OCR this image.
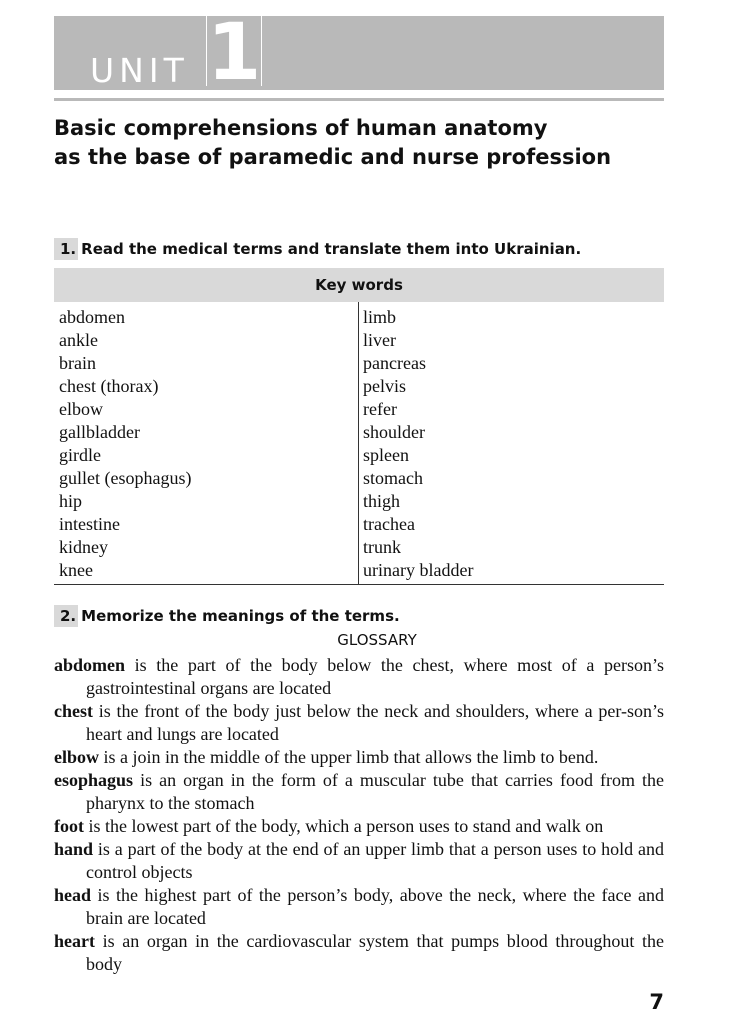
UNIT 1
Basic comprehensions of human anatomy
as the base of paramedic and nurse profession
1. Read the medical terms and translate them into Ukrainian.
Key words
abdomen
ankle
brain
chest (thorax)
elbow
gallbladder
girdle
gullet (esophagus)
hip
intestine
kidney
knee
limb
liver
pancreas
pelvis
refer
shoulder
spleen
stomach
thigh
trachea
trunk
urinary bladder
2. Memorize the meanings of the terms.
GLOSSARY

abdomen is the part of the body below the chest, where most of a person’s gastrointestinal organs are located

chest is the front of the body just below the neck and shoulders, where a per-son’s heart and lungs are located

elbow is a join in the middle of the upper limb that allows the limb to bend.

esophagus is an organ in the form of a muscular tube that carries food from the pharynx to the stomach

foot is the lowest part of the body, which a person uses to stand and walk on

hand is a part of the body at the end of an upper limb that a person uses to hold and control objects

head is the highest part of the person’s body, above the neck, where the face and brain are located

heart is an organ in the cardiovascular system that pumps blood throughout the body

7
